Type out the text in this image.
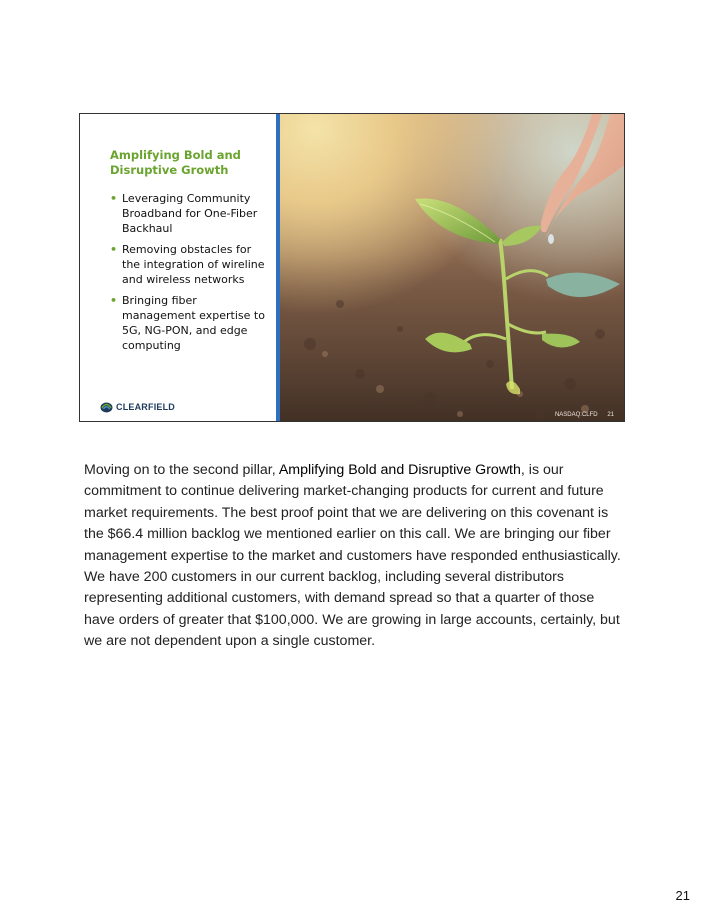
Amplifying Bold and Disruptive Growth
• Leveraging Community Broadband for One-Fiber Backhaul
• Removing obstacles for the integration of wireline and wireless networks
• Bringing fiber management expertise to 5G, NG-PON, and edge computing
CLEARFIELD
NASDAQ:CLFD 21

Moving on to the second pillar, Amplifying Bold and Disruptive Growth, is our commitment to continue delivering market-changing products for current and future market requirements. The best proof point that we are delivering on this covenant is the $66.4 million backlog we mentioned earlier on this call. We are bringing our fiber management expertise to the market and customers have responded enthusiastically. We have 200 customers in our current backlog, including several distributors representing additional customers, with demand spread so that a quarter of those have orders of greater that $100,000. We are growing in large accounts, certainly, but we are not dependent upon a single customer.

21
